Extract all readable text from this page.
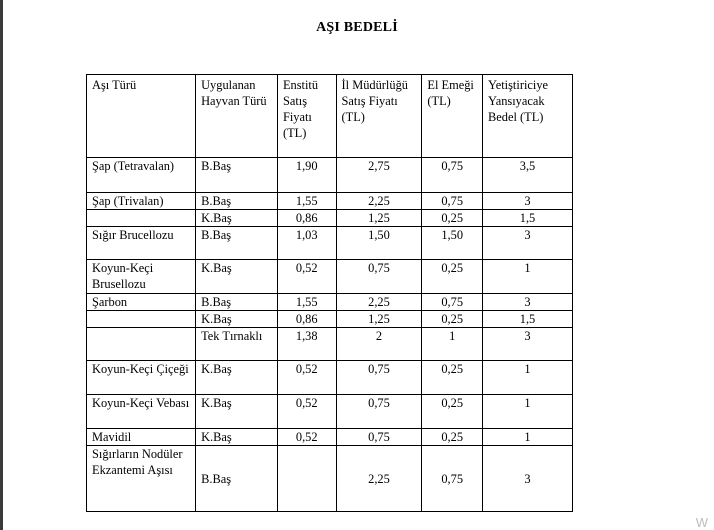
AŞI BEDELİ
Aşı Türü	Uygulanan Hayvan Türü	Enstitü Satış Fiyatı (TL)	İl Müdürlüğü Satış Fiyatı (TL)	El Emeği (TL)	Yetiştiriciye Yansıyacak Bedel (TL)
Şap (Tetravalan)	B.Baş	1,90	2,75	0,75	3,5
Şap (Trivalan)	B.Baş	1,55	2,25	0,75	3
	K.Baş	0,86	1,25	0,25	1,5
Sığır Brucellozu	B.Baş	1,03	1,50	1,50	3
Koyun-Keçi Brusellozu	K.Baş	0,52	0,75	0,25	1
Şarbon	B.Baş	1,55	2,25	0,75	3
	K.Baş	0,86	1,25	0,25	1,5
	Tek Tırnaklı	1,38	2	1	3
Koyun-Keçi Çiçeği	K.Baş	0,52	0,75	0,25	1
Koyun-Keçi Vebası	K.Baş	0,52	0,75	0,25	1
Mavidil	K.Baş	0,52	0,75	0,25	1
Sığırların Nodüler Ekzantemi Aşısı	B.Baş		2,25	0,75	3
W
